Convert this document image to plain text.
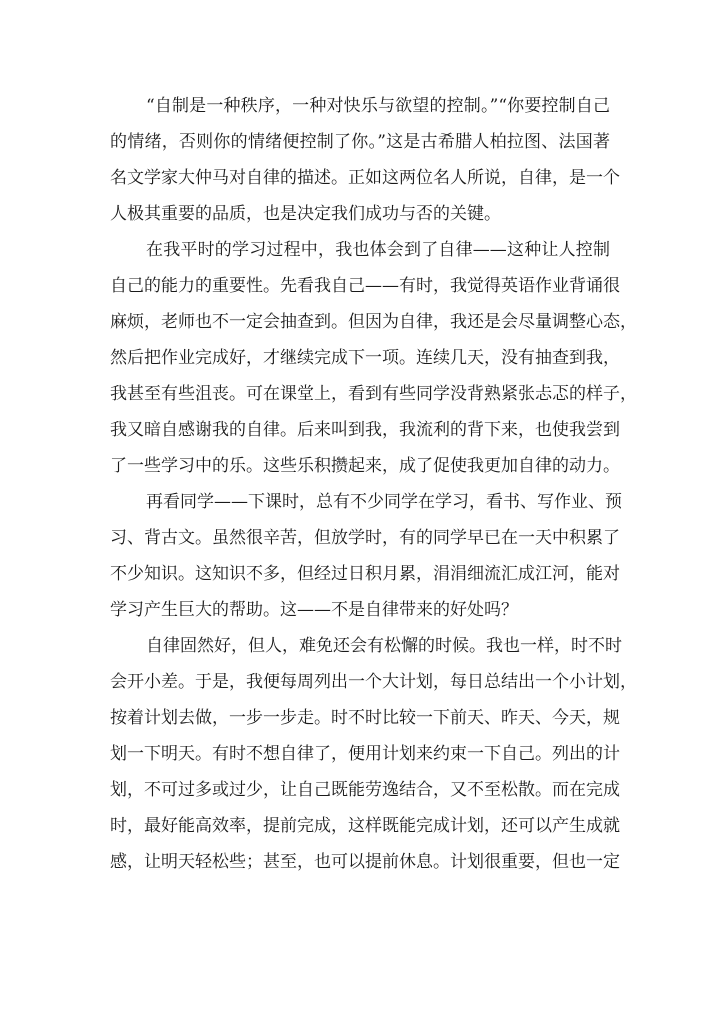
“自制是一种秩序，一种对快乐与欲望的控制。”“你要控制自己
的情绪，否则你的情绪便控制了你。”这是古希腊人柏拉图、法国著
名文学家大仲马对自律的描述。正如这两位名人所说，自律，是一个
人极其重要的品质，也是决定我们成功与否的关键。
在我平时的学习过程中，我也体会到了自律——这种让人控制
自己的能力的重要性。先看我自己——有时，我觉得英语作业背诵很
麻烦，老师也不一定会抽查到。但因为自律，我还是会尽量调整心态，
然后把作业完成好，才继续完成下一项。连续几天，没有抽查到我，
我甚至有些沮丧。可在课堂上，看到有些同学没背熟紧张忐忑的样子，
我又暗自感谢我的自律。后来叫到我，我流利的背下来，也使我尝到
了一些学习中的乐。这些乐积攒起来，成了促使我更加自律的动力。
再看同学——下课时，总有不少同学在学习，看书、写作业、预
习、背古文。虽然很辛苦，但放学时，有的同学早已在一天中积累了
不少知识。这知识不多，但经过日积月累，涓涓细流汇成江河，能对
学习产生巨大的帮助。这——不是自律带来的好处吗？
自律固然好，但人，难免还会有松懈的时候。我也一样，时不时
会开小差。于是，我便每周列出一个大计划，每日总结出一个小计划，
按着计划去做，一步一步走。时不时比较一下前天、昨天、今天，规
划一下明天。有时不想自律了，便用计划来约束一下自己。列出的计
划，不可过多或过少，让自己既能劳逸结合，又不至松散。而在完成
时，最好能高效率，提前完成，这样既能完成计划，还可以产生成就
感，让明天轻松些；甚至，也可以提前休息。计划很重要，但也一定
